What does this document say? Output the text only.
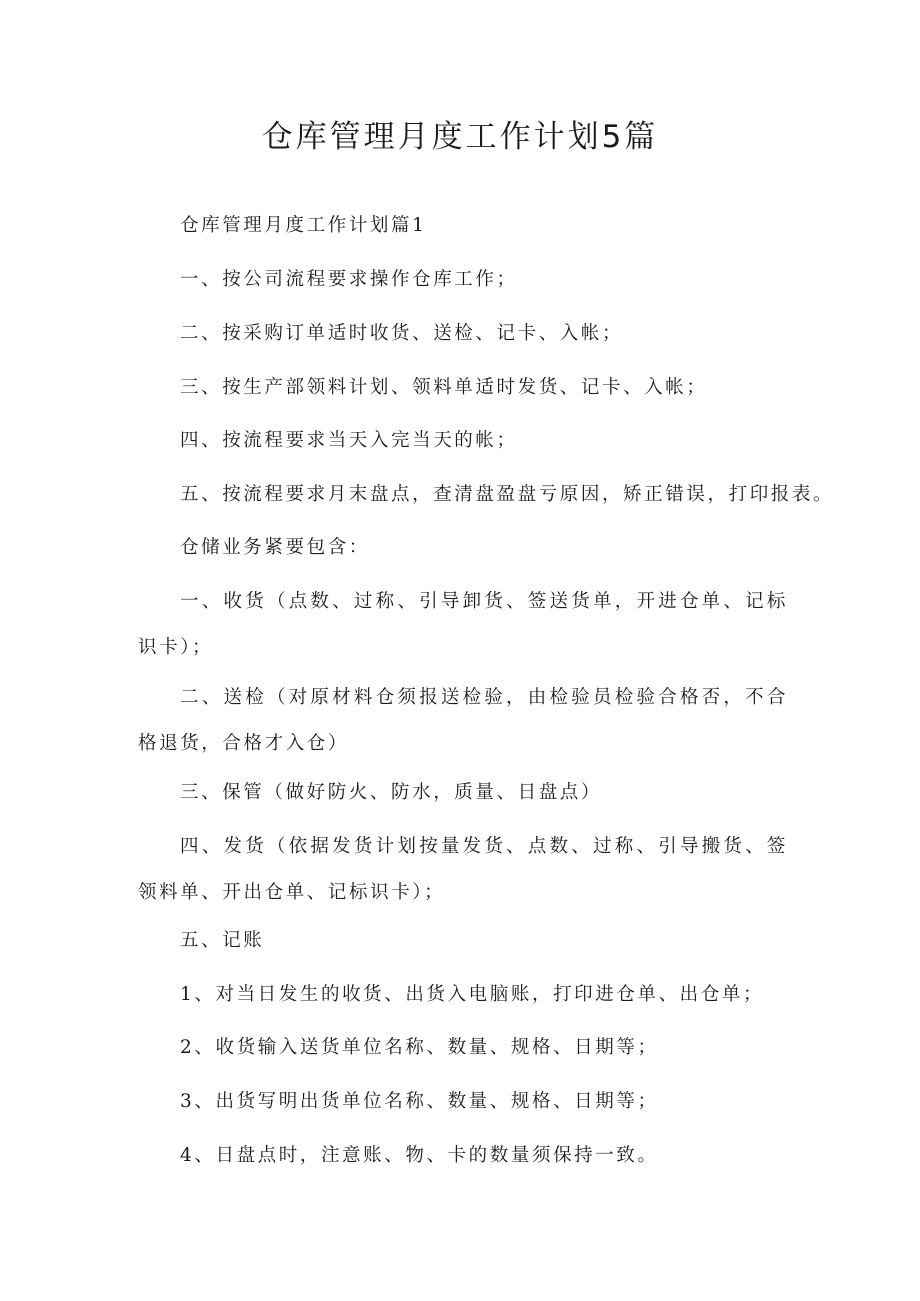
仓库管理月度工作计划5篇
仓库管理月度工作计划篇1
一、按公司流程要求操作仓库工作；
二、按采购订单适时收货、送检、记卡、入帐；
三、按生产部领料计划、领料单适时发货、记卡、入帐；
四、按流程要求当天入完当天的帐；
五、按流程要求月末盘点，查清盘盈盘亏原因，矫正错误，打印报表。
仓储业务紧要包含：
一、收货（点数、过称、引导卸货、签送货单，开进仓单、记标识卡）；
二、送检（对原材料仓须报送检验，由检验员检验合格否，不合格退货，合格才入仓）
三、保管（做好防火、防水，质量、日盘点）
四、发货（依据发货计划按量发货、点数、过称、引导搬货、签领料单、开出仓单、记标识卡）；
五、记账
1、对当日发生的收货、出货入电脑账，打印进仓单、出仓单；
2、收货输入送货单位名称、数量、规格、日期等；
3、出货写明出货单位名称、数量、规格、日期等；
4、日盘点时，注意账、物、卡的数量须保持一致。
